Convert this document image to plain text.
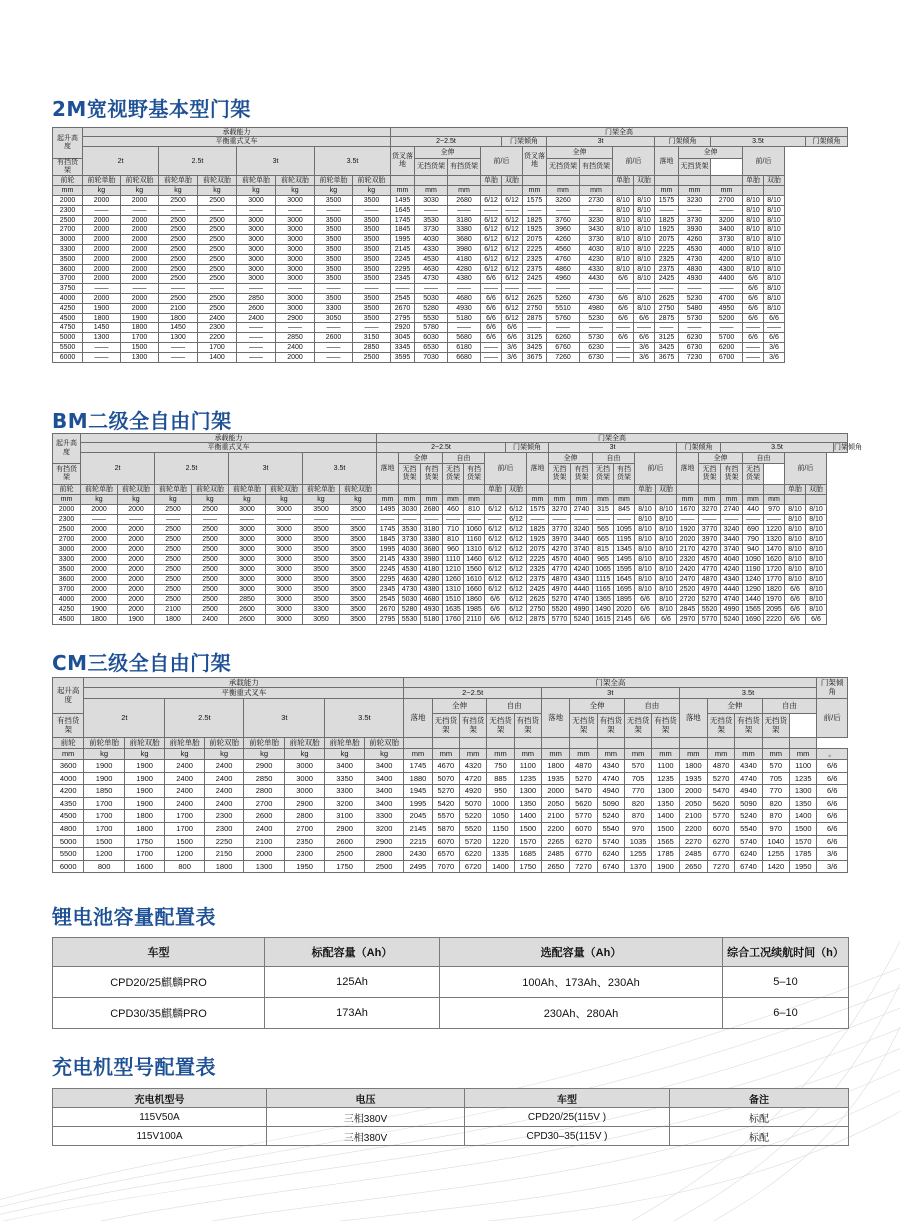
2M宽视野基本型门架
起升高度	承载能力								门架全高															
	平衡重式叉车								2~2.5t				门架倾角		3t				门架倾角		3.5t			门架倾角
	2t		2.5t		3t		3.5t		货叉落地	全伸		前/后		货叉落地	全伸		前/后		落地	全伸		前/后		
有挡货架										无挡货架	有挡货架				无挡货架	有挡货架				无挡货架				
前轮	前轮单胎	前轮双胎	前轮单胎	前轮双胎	前轮单胎	前轮双胎	前轮单胎	前轮双胎				单胎	双胎				单胎	双胎				单胎	双胎	
mm	kg	kg	kg	kg	kg	kg	kg	kg	mm	mm	mm			mm	mm	mm			mm	mm	mm			
2000	2000	2000	2500	2500	3000	3000	3500	3500	1495	3030	2680	6/12	6/12	1575	3260	2730	8/10	8/10	1575	3230	2700	8/10	8/10	
2300	——	——	——	——	——	——	——	——	1645	——	——	——	——	——	——	——	8/10	8/10	——	——	——	8/10	8/10	
2500	2000	2000	2500	2500	3000	3000	3500	3500	1745	3530	3180	6/12	6/12	1825	3760	3230	8/10	8/10	1825	3730	3200	8/10	8/10	
2700	2000	2000	2500	2500	3000	3000	3500	3500	1845	3730	3380	6/12	6/12	1925	3960	3430	8/10	8/10	1925	3930	3400	8/10	8/10	
3000	2000	2000	2500	2500	3000	3000	3500	3500	1995	4030	3680	6/12	6/12	2075	4260	3730	8/10	8/10	2075	4260	3730	8/10	8/10	
3300	2000	2000	2500	2500	3000	3000	3500	3500	2145	4330	3980	6/12	6/12	2225	4560	4030	8/10	8/10	2225	4530	4000	8/10	8/10	
3500	2000	2000	2500	2500	3000	3000	3500	3500	2245	4530	4180	6/12	6/12	2325	4760	4230	8/10	8/10	2325	4730	4200	8/10	8/10	
3600	2000	2000	2500	2500	3000	3000	3500	3500	2295	4630	4280	6/12	6/12	2375	4860	4330	8/10	8/10	2375	4830	4300	8/10	8/10	
3700	2000	2000	2500	2500	3000	3000	3500	3500	2345	4730	4380	6/6	6/12	2425	4960	4430	6/6	8/10	2425	4930	4400	6/6	8/10	
3750	——	——	——	——	——	——	——	——	——	——	——	——	——	——	——	——	——	——	——	——	——	6/6	8/10	
4000	2000	2000	2500	2500	2850	3000	3500	3500	2545	5030	4680	6/6	6/12	2625	5260	4730	6/6	8/10	2625	5230	4700	6/6	8/10	
4250	1900	2000	2100	2500	2600	3000	3300	3500	2670	5280	4930	6/6	6/12	2750	5510	4980	6/6	8/10	2750	5480	4950	6/6	8/10	
4500	1800	1900	1800	2400	2400	2900	3050	3500	2795	5530	5180	6/6	6/12	2875	5760	5230	6/6	6/6	2875	5730	5200	6/6	6/6	
4750	1450	1800	1450	2300	——	——	——	——	2920	5780	——	6/6	6/6	——	——	——	——	——	——	——	——	——	——	
5000	1300	1700	1300	2200	——	2850	2600	3150	3045	6030	5680	6/6	6/6	3125	6260	5730	6/6	6/6	3125	6230	5700	6/6	6/6	
5500	——	1500	——	1700	——	2400	——	2850	3345	6530	6180	——	3/6	3425	6760	6230	——	3/6	3425	6730	6200	——	3/6	
6000	——	1300	——	1400	——	2000	——	2500	3595	7030	6680	——	3/6	3675	7260	6730	——	3/6	3675	7230	6700	——	3/6	
BM二级全自由门架
起升高度	承载能力								门架全高																					
	平衡重式叉车								2~2.5t						门架倾角		3t						门架倾角		3.5t					门架倾角
	2t		2.5t		3t		3.5t		落地	全伸		自由		前/后		落地	全伸		自由		前/后		落地	全伸		自由		前/后		
有挡货架										无挡货架	有挡货架	无挡货架	有挡货架				无挡货架	有挡货架	无挡货架	有挡货架				无挡货架	有挡货架	无挡货架				
前轮	前轮单胎	前轮双胎	前轮单胎	前轮双胎	前轮单胎	前轮双胎	前轮单胎	前轮双胎						单胎	双胎						单胎	双胎						单胎	双胎	
mm	kg	kg	kg	kg	kg	kg	kg	kg	mm	mm	mm	mm	mm			mm	mm	mm	mm	mm			mm	mm	mm	mm	mm			
2000	2000	2000	2500	2500	3000	3000	3500	3500	1495	3030	2680	460	810	6/12	6/12	1575	3270	2740	315	845	8/10	8/10	1670	3270	2740	440	970	8/10	8/10	
2300	——	——	——	——	——	——	——	——	——	——	——	——	——	——	6/12	——	——	——	——	——	8/10	8/10	——	——	——	——	——	8/10	8/10	
2500	2000	2000	2500	2500	3000	3000	3500	3500	1745	3530	3180	710	1060	6/12	6/12	1825	3770	3240	565	1095	8/10	8/10	1920	3770	3240	690	1220	8/10	8/10	
2700	2000	2000	2500	2500	3000	3000	3500	3500	1845	3730	3380	810	1160	6/12	6/12	1925	3970	3440	665	1195	8/10	8/10	2020	3970	3440	790	1320	8/10	8/10	
3000	2000	2000	2500	2500	3000	3000	3500	3500	1995	4030	3680	960	1310	6/12	6/12	2075	4270	3740	815	1345	8/10	8/10	2170	4270	3740	940	1470	8/10	8/10	
3300	2000	2000	2500	2500	3000	3000	3500	3500	2145	4330	3980	1110	1460	6/12	6/12	2225	4570	4040	965	1495	8/10	8/10	2320	4570	4040	1090	1620	8/10	8/10	
3500	2000	2000	2500	2500	3000	3000	3500	3500	2245	4530	4180	1210	1560	6/12	6/12	2325	4770	4240	1065	1595	8/10	8/10	2420	4770	4240	1190	1720	8/10	8/10	
3600	2000	2000	2500	2500	3000	3000	3500	3500	2295	4630	4280	1260	1610	6/12	6/12	2375	4870	4340	1115	1645	8/10	8/10	2470	4870	4340	1240	1770	8/10	8/10	
3700	2000	2000	2500	2500	3000	3000	3500	3500	2345	4730	4380	1310	1660	6/12	6/12	2425	4970	4440	1165	1695	8/10	8/10	2520	4970	4440	1290	1820	6/6	8/10	
4000	2000	2000	2500	2500	2850	3000	3500	3500	2545	5030	4680	1510	1860	6/6	6/12	2625	5270	4740	1365	1895	6/6	8/10	2720	5270	4740	1440	1970	6/6	8/10	
4250	1900	2000	2100	2500	2600	3000	3300	3500	2670	5280	4930	1635	1985	6/6	6/12	2750	5520	4990	1490	2020	6/6	8/10	2845	5520	4990	1565	2095	6/6	8/10	
4500	1800	1900	1800	2400	2600	3000	3050	3500	2795	5530	5180	1760	2110	6/6	6/12	2875	5770	5240	1615	2145	6/6	6/6	2970	5770	5240	1690	2220	6/6	6/6	
CM三级全自由门架
起升高度	承载能力								门架全高															门架倾角
	平衡重式叉车								2~2.5t					3t					3.5t					
	2t		2.5t		3t		3.5t		落地	全伸		自由		落地	全伸		自由		落地	全伸		自由		前/后
有挡货架										无挡货架	有挡货架	无挡货架	有挡货架		无挡货架	有挡货架	无挡货架	有挡货架		无挡货架	有挡货架	无挡货架		
前轮	前轮单胎	前轮双胎	前轮单胎	前轮双胎	前轮单胎	前轮双胎	前轮单胎	前轮双胎																
mm	kg	kg	kg	kg	kg	kg	kg	kg	mm	mm	mm	mm	mm	mm	mm	mm	mm	mm	mm	mm	mm	mm	mm	。
3600	1900	1900	2400	2400	2900	3000	3400	3400	1745	4670	4320	750	1100	1800	4870	4340	570	1100	1800	4870	4340	570	1100	6/6
4000	1900	1900	2400	2400	2850	3000	3350	3400	1880	5070	4720	885	1235	1935	5270	4740	705	1235	1935	5270	4740	705	1235	6/6
4200	1850	1900	2400	2400	2800	3000	3300	3400	1945	5270	4920	950	1300	2000	5470	4940	770	1300	2000	5470	4940	770	1300	6/6
4350	1700	1900	2400	2400	2700	2900	3200	3400	1995	5420	5070	1000	1350	2050	5620	5090	820	1350	2050	5620	5090	820	1350	6/6
4500	1700	1800	1700	2300	2600	2800	3100	3300	2045	5570	5220	1050	1400	2100	5770	5240	870	1400	2100	5770	5240	870	1400	6/6
4800	1700	1800	1700	2300	2400	2700	2900	3200	2145	5870	5520	1150	1500	2200	6070	5540	970	1500	2200	6070	5540	970	1500	6/6
5000	1500	1750	1500	2250	2100	2350	2600	2900	2215	6070	5720	1220	1570	2265	6270	5740	1035	1565	2270	6270	5740	1040	1570	6/6
5500	1200	1700	1200	2150	2000	2300	2500	2800	2430	6570	6220	1335	1685	2485	6770	6240	1255	1785	2485	6770	6240	1255	1785	3/6
6000	800	1600	800	1800	1300	1950	1750	2500	2495	7070	6720	1400	1750	2650	7270	6740	1370	1900	2650	7270	6740	1420	1950	3/6
锂电池容量配置表
车型	标配容量（Ah）	选配容量（Ah）	综合工况续航时间（h）
CPD20/25麒麟PRO	125Ah	100Ah、173Ah、230Ah	5–10
CPD30/35麒麟PRO	173Ah	230Ah、280Ah	6–10
充电机型号配置表
充电机型号	电压	车型	备注
115V50A	三相380V	CPD20/25(115V )	标配
115V100A	三相380V	CPD30–35(115V )	标配
